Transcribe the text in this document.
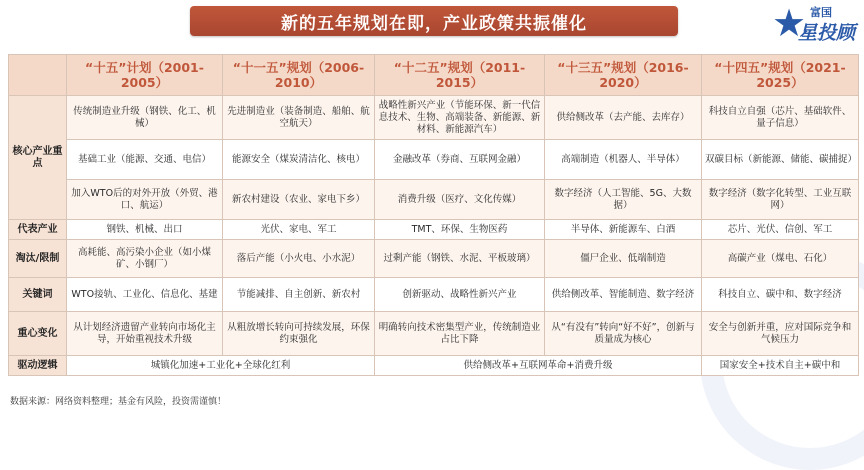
新的五年规划在即，产业政策共振催化	★ 富国
星投顾
	“十五”计划（2001-2005）	“十一五”规划（2006-2010）	“十二五”规划（2011-2015）	“十三五”规划（2016-2020）	“十四五”规划（2021-2025）
核心产业重点	传统制造业升级（钢铁、化工、机械）	先进制造业（装备制造、船舶、航空航天）	战略性新兴产业（节能环保、新一代信息技术、生物、高端装备、新能源、新材料、新能源汽车）	供给侧改革（去产能、去库存）	科技自立自强（芯片、基础软件、量子信息）
	基础工业（能源、交通、电信）	能源安全（煤炭清洁化、核电）	金融改革（券商、互联网金融）	高端制造（机器人、半导体）	双碳目标（新能源、储能、碳捕捉）
	加入WTO后的对外开放（外贸、港口、航运）	新农村建设（农业、家电下乡）	消费升级（医疗、文化传媒）	数字经济（人工智能、5G、大数据）	数字经济（数字化转型、工业互联网）
代表产业	钢铁、机械、出口	光伏、家电、军工	TMT、环保、生物医药	半导体、新能源车、白酒	芯片、光伏、信创、军工
淘汰/限制	高耗能、高污染小企业（如小煤矿、小钢厂）	落后产能（小火电、小水泥）	过剩产能（钢铁、水泥、平板玻璃）	僵尸企业、低端制造	高碳产业（煤电、石化）
关键词	WTO接轨、工业化、信息化、基建	节能减排、自主创新、新农村	创新驱动、战略性新兴产业	供给侧改革、智能制造、数字经济	科技自立、碳中和、数字经济
重心变化	从计划经济遗留产业转向市场化主导，开始重视技术升级	从粗放增长转向可持续发展，环保约束强化	明确转向技术密集型产业，传统制造业占比下降	从“有没有”转向“好不好”，创新与质量成为核心	安全与创新并重，应对国际竞争和气候压力
驱动逻辑	城镇化加速+工业化+全球化红利		供给侧改革+互联网革命+消费升级		国家安全+技术自主+碳中和
数据来源：网络资料整理；基金有风险，投资需谨慎！
